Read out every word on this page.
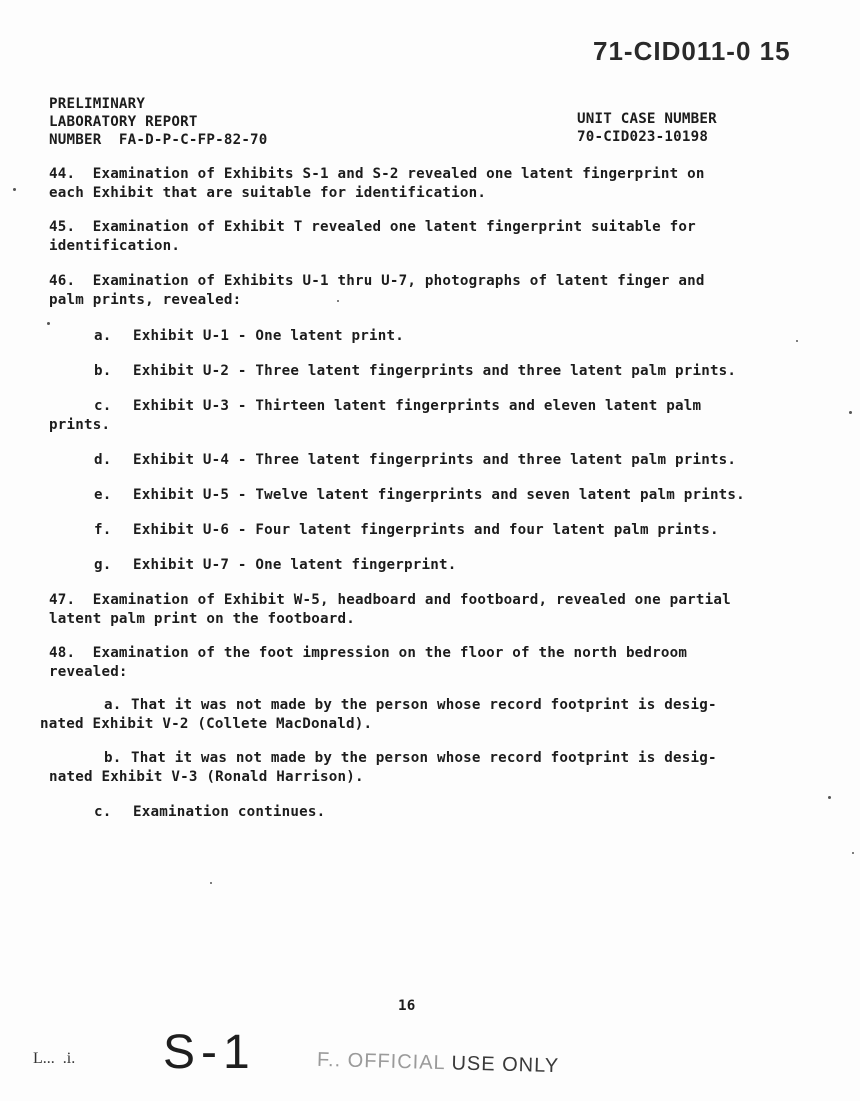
71-CID011-0 15
PRELIMINARY
LABORATORY REPORT
NUMBER  FA-D-P-C-FP-82-70
UNIT CASE NUMBER
70-CID023-10198
44.  Examination of Exhibits S-1 and S-2 revealed one latent fingerprint on
each Exhibit that are suitable for identification.
45.  Examination of Exhibit T revealed one latent fingerprint suitable for
identification.
46.  Examination of Exhibits U-1 thru U-7, photographs of latent finger and
palm prints, revealed:
a. Exhibit U-1 - One latent print.
b. Exhibit U-2 - Three latent fingerprints and three latent palm prints.
c. Exhibit U-3 - Thirteen latent fingerprints and eleven latent palm
prints.
d. Exhibit U-4 - Three latent fingerprints and three latent palm prints.
e. Exhibit U-5 - Twelve latent fingerprints and seven latent palm prints.
f. Exhibit U-6 - Four latent fingerprints and four latent palm prints.
g. Exhibit U-7 - One latent fingerprint.
47.  Examination of Exhibit W-5, headboard and footboard, revealed one partial
latent palm print on the footboard.
48.  Examination of the foot impression on the floor of the north bedroom
revealed:
a. That it was not made by the person whose record footprint is desig-
nated Exhibit V-2 (Collete MacDonald).
b. That it was not made by the person whose record footprint is desig-
nated Exhibit V-3 (Ronald Harrison).
c. Examination continues.
16
L...  .i. S-1	F.. OFFICIAL USE ONLY
